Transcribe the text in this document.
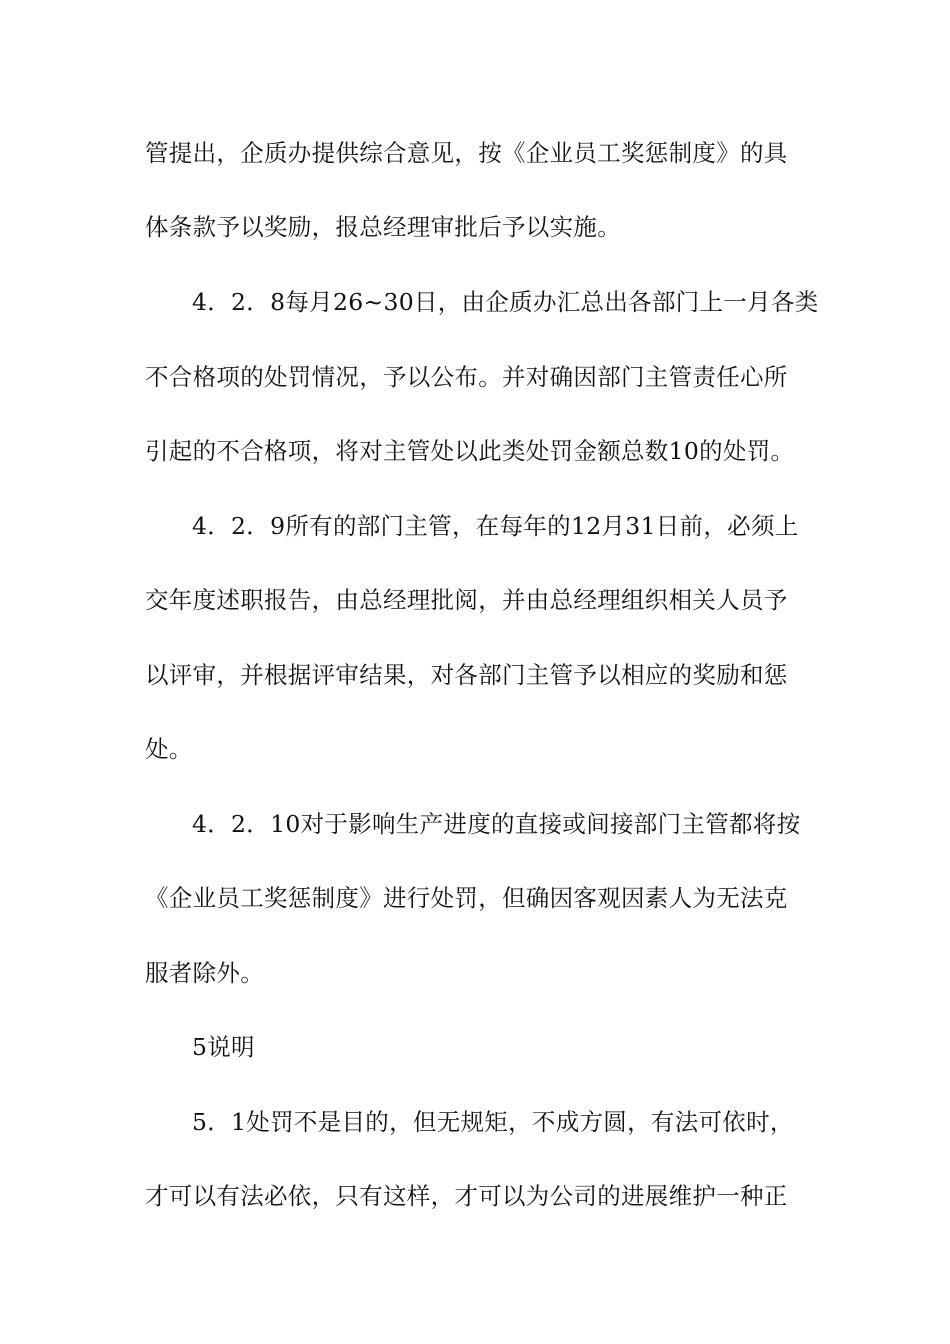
管提出，企质办提供综合意见，按《企业员工奖惩制度》的具
体条款予以奖励，报总经理审批后予以实施。
4．2．8每月26~30日，由企质办汇总出各部门上一月各类
不合格项的处罚情况，予以公布。并对确因部门主管责任心所
引起的不合格项，将对主管处以此类处罚金额总数10的处罚。
4．2．9所有的部门主管，在每年的12月31日前，必须上
交年度述职报告，由总经理批阅，并由总经理组织相关人员予
以评审，并根据评审结果，对各部门主管予以相应的奖励和惩
处。
4．2．10对于影响生产进度的直接或间接部门主管都将按
《企业员工奖惩制度》进行处罚，但确因客观因素人为无法克
服者除外。
5说明
5．1处罚不是目的，但无规矩，不成方圆，有法可依时，
才可以有法必依，只有这样，才可以为公司的进展维护一种正
